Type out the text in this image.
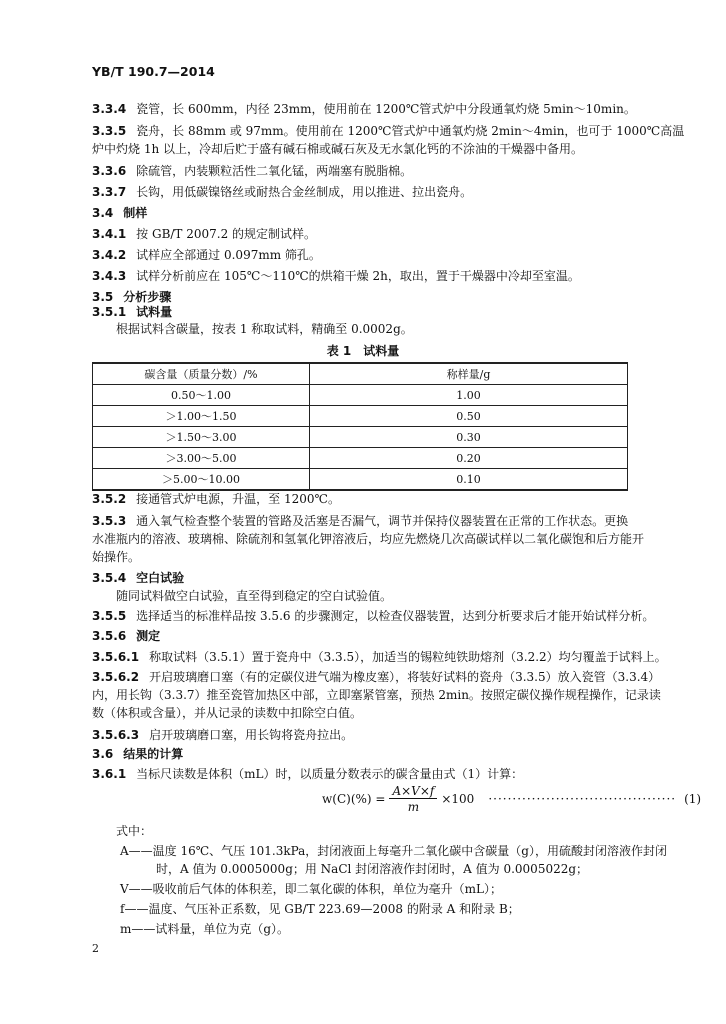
YB/T 190.7—2014
3.3.4 瓷管，长 600mm，内径 23mm，使用前在 1200℃管式炉中分段通氧灼烧 5min～10min。
3.3.5 瓷舟，长 88mm 或 97mm。使用前在 1200℃管式炉中通氧灼烧 2min～4min，也可于 1000℃高温
炉中灼烧 1h 以上，冷却后贮于盛有碱石棉或碱石灰及无水氯化钙的不涂油的干燥器中备用。
3.3.6 除硫管，内装颗粒活性二氧化锰，两端塞有脱脂棉。
3.3.7 长钩，用低碳镍铬丝或耐热合金丝制成，用以推进、拉出瓷舟。
3.4 制样
3.4.1 按 GB/T 2007.2 的规定制试样。
3.4.2 试样应全部通过 0.097mm 筛孔。
3.4.3 试样分析前应在 105℃～110℃的烘箱干燥 2h，取出，置于干燥器中冷却至室温。
3.5 分析步骤
3.5.1 试料量
根据试料含碳量，按表 1 称取试料，精确至 0.0002g。
表 1　试料量
碳含量（质量分数）/%	称样量/g
0.50～1.00	1.00
＞1.00～1.50	0.50
＞1.50～3.00	0.30
＞3.00～5.00	0.20
＞5.00～10.00	0.10
3.5.2 接通管式炉电源，升温，至 1200℃。
3.5.3 通入氧气检查整个装置的管路及活塞是否漏气，调节并保持仪器装置在正常的工作状态。更换
水准瓶内的溶液、玻璃棉、除硫剂和氢氧化钾溶液后，均应先燃烧几次高碳试样以二氧化碳饱和后方能开
始操作。
3.5.4 空白试验
随同试料做空白试验，直至得到稳定的空白试验值。
3.5.5 选择适当的标准样品按 3.5.6 的步骤测定，以检查仪器装置，达到分析要求后才能开始试样分析。
3.5.6 测定
3.5.6.1 称取试料（3.5.1）置于瓷舟中（3.3.5），加适当的锡粒纯铁助熔剂（3.2.2）均匀覆盖于试料上。
3.5.6.2 开启玻璃磨口塞（有的定碳仪进气端为橡皮塞），将装好试料的瓷舟（3.3.5）放入瓷管（3.3.4）
内，用长钩（3.3.7）推至瓷管加热区中部，立即塞紧管塞，预热 2min。按照定碳仪操作规程操作，记录读
数（体积或含量），并从记录的读数中扣除空白值。
3.5.6.3 启开玻璃磨口塞，用长钩将瓷舟拉出。
3.6 结果的计算
3.6.1 当标尺读数是体积（mL）时，以质量分数表示的碳含量由式（1）计算：
$w(C)(\%) = \frac{A\times V\times f}{m} \times 100$ ······································· (1)
式中：
A——温度 16℃、气压 101.3kPa，封闭液面上每毫升二氧化碳中含碳量（g），用硫酸封闭溶液作封闭
时，A 值为 0.0005000g；用 NaCl 封闭溶液作封闭时，A 值为 0.0005022g；
V——吸收前后气体的体积差，即二氧化碳的体积，单位为毫升（mL）；
f——温度、气压补正系数，见 GB/T 223.69—2008 的附录 A 和附录 B；
m——试料量，单位为克（g）。
2
